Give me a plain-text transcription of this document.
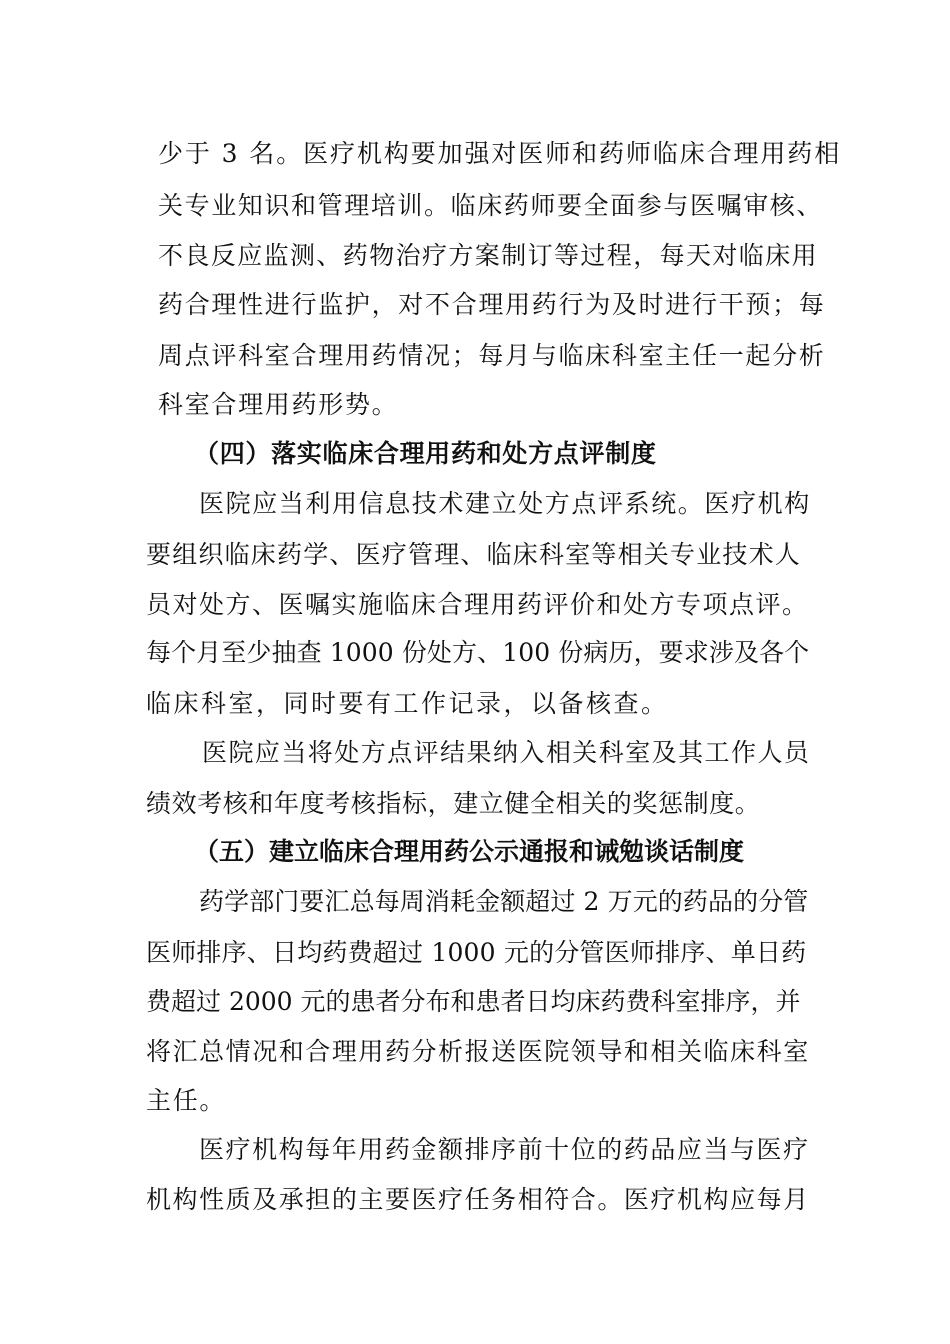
少于 3 名。医疗机构要加强对医师和药师临床合理用药相
关专业知识和管理培训。临床药师要全面参与医嘱审核、
不良反应监测、药物治疗方案制订等过程，每天对临床用
药合理性进行监护，对不合理用药行为及时进行干预；每
周点评科室合理用药情况；每月与临床科室主任一起分析
科室合理用药形势。
（四）落实临床合理用药和处方点评制度
医院应当利用信息技术建立处方点评系统。医疗机构
要组织临床药学、医疗管理、临床科室等相关专业技术人
员对处方、医嘱实施临床合理用药评价和处方专项点评。
每个月至少抽查 1000 份处方、100 份病历，要求涉及各个
临床科室，同时要有工作记录，以备核查。
医院应当将处方点评结果纳入相关科室及其工作人员
绩效考核和年度考核指标，建立健全相关的奖惩制度。
（五）建立临床合理用药公示通报和诫勉谈话制度
药学部门要汇总每周消耗金额超过 2 万元的药品的分管
医师排序、日均药费超过 1000 元的分管医师排序、单日药
费超过 2000 元的患者分布和患者日均床药费科室排序，并
将汇总情况和合理用药分析报送医院领导和相关临床科室
主任。
医疗机构每年用药金额排序前十位的药品应当与医疗
机构性质及承担的主要医疗任务相符合。医疗机构应每月
